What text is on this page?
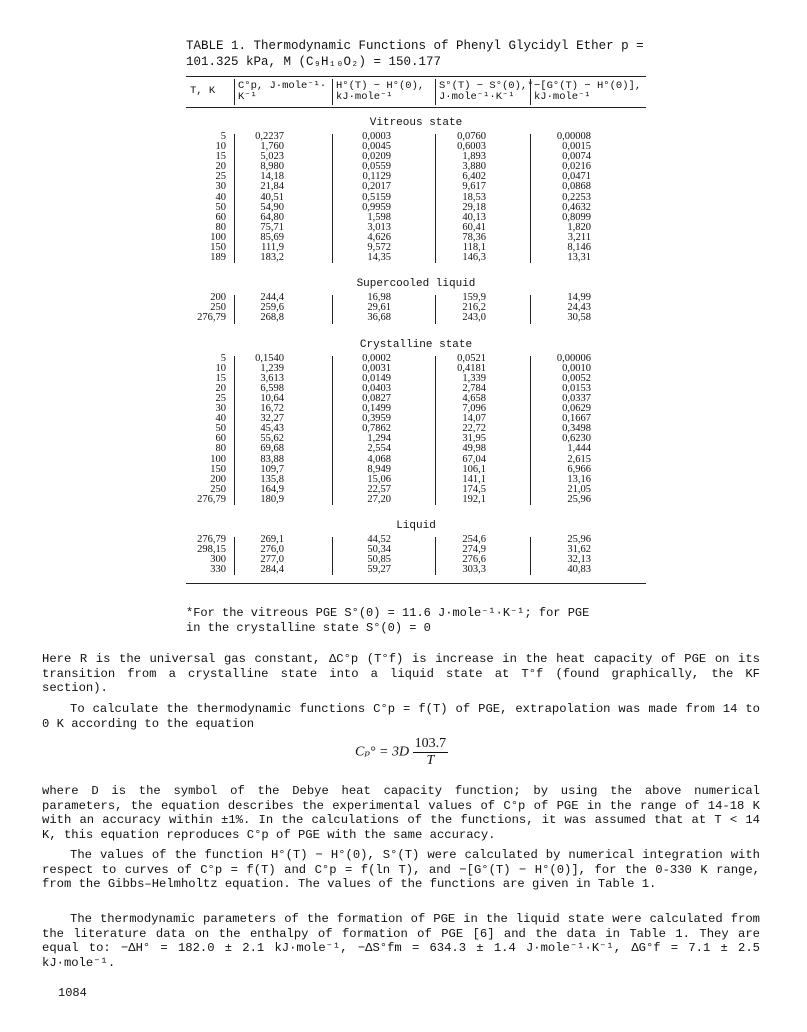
TABLE 1. Thermodynamic Functions of Phenyl Glycidyl Ether p =
101.325 kPa, M (C₉H₁₀O₂) = 150.177
T, K C°p, J·mole⁻¹·
K⁻¹
H°(T) − H°(0),
kJ·mole⁻¹
S°(T) − S°(0),*
J·mole⁻¹·K⁻¹
−[G°(T) − H°(0)],
kJ·mole⁻¹
Vitreous state
5
10
15
20
25
30
40
50
60
80
100
150
189
0,2237
1,760
5,023
8,980
14,18
21,84
40,51
54,90
64,80
75,71
85,69
111,9
183,2
0,0003
0,0045
0,0209
0,0559
0,1129
0,2017
0,5159
0,9959
1,598
3,013
4,626
9,572
14,35
0,0760
0,6003
1,893
3,880
6,402
9,617
18,53
29,18
40,13
60,41
78,36
118,1
146,3
0,00008
0,0015
0,0074
0,0216
0,0471
0,0868
0,2253
0,4632
0,8099
1,820
3,211
8,146
13,31
Supercooled liquid
200
250
276,79
244,4
259,6
268,8
16,98
29,61
36,68
159,9
216,2
243,0
14,99
24,43
30,58
Crystalline state
5
10
15
20
25
30
40
50
60
80
100
150
200
250
276,79
0,1540
1,239
3,613
6,598
10,64
16,72
32,27
45,43
55,62
69,68
83,88
109,7
135,8
164,9
180,9
0,0002
0,0031
0,0149
0,0403
0,0827
0,1499
0,3959
0,7862
1,294
2,554
4,068
8,949
15,06
22,57
27,20
0,0521
0,4181
1,339
2,784
4,658
7,096
14,07
22,72
31,95
49,98
67,04
106,1
141,1
174,5
192,1
0,00006
0,0010
0,0052
0,0153
0,0337
0,0629
0,1667
0,3498
0,6230
1,444
2,615
6,966
13,16
21,05
25,96
Liquid
276,79
298,15
300
330
269,1
276,0
277,0
284,4
44,52
50,34
50,85
59,27
254,6
274,9
276,6
303,3
25,96
31,62
32,13
40,83
*For the vitreous PGE S°(0) = 11.6 J·mole⁻¹·K⁻¹; for PGE
in the crystalline state S°(0) = 0
Here R is the universal gas constant, ΔC°p (T°f) is increase in the heat capacity of PGE on its transition from a crystalline state into a liquid state at T°f (found graphically, the KF section).
To calculate the thermodynamic functions C°p = f(T) of PGE, extrapolation was made from 14 to 0 K according to the equation
$C_p^\circ = 3D \frac{103.7}{T}$
where D is the symbol of the Debye heat capacity function; by using the above numerical parameters, the equation describes the experimental values of C°p of PGE in the range of 14-18 K with an accuracy within ±1%. In the calculations of the functions, it was assumed that at T < 14 K, this equation reproduces C°p of PGE with the same accuracy.
The values of the function H°(T) − H°(0), S°(T) were calculated by numerical integration with respect to curves of C°p = f(T) and C°p = f(ln T), and −[G°(T) − H°(0)], for the 0-330 K range, from the Gibbs–Helmholtz equation. The values of the functions are given in Table 1.
The thermodynamic parameters of the formation of PGE in the liquid state were calculated from the literature data on the enthalpy of formation of PGE [6] and the data in Table 1. They are equal to: −ΔH° = 182.0 ± 2.1 kJ·mole⁻¹, −ΔS°fm = 634.3 ± 1.4 J·mole⁻¹·K⁻¹, ΔG°f = 7.1 ± 2.5 kJ·mole⁻¹.
1084
